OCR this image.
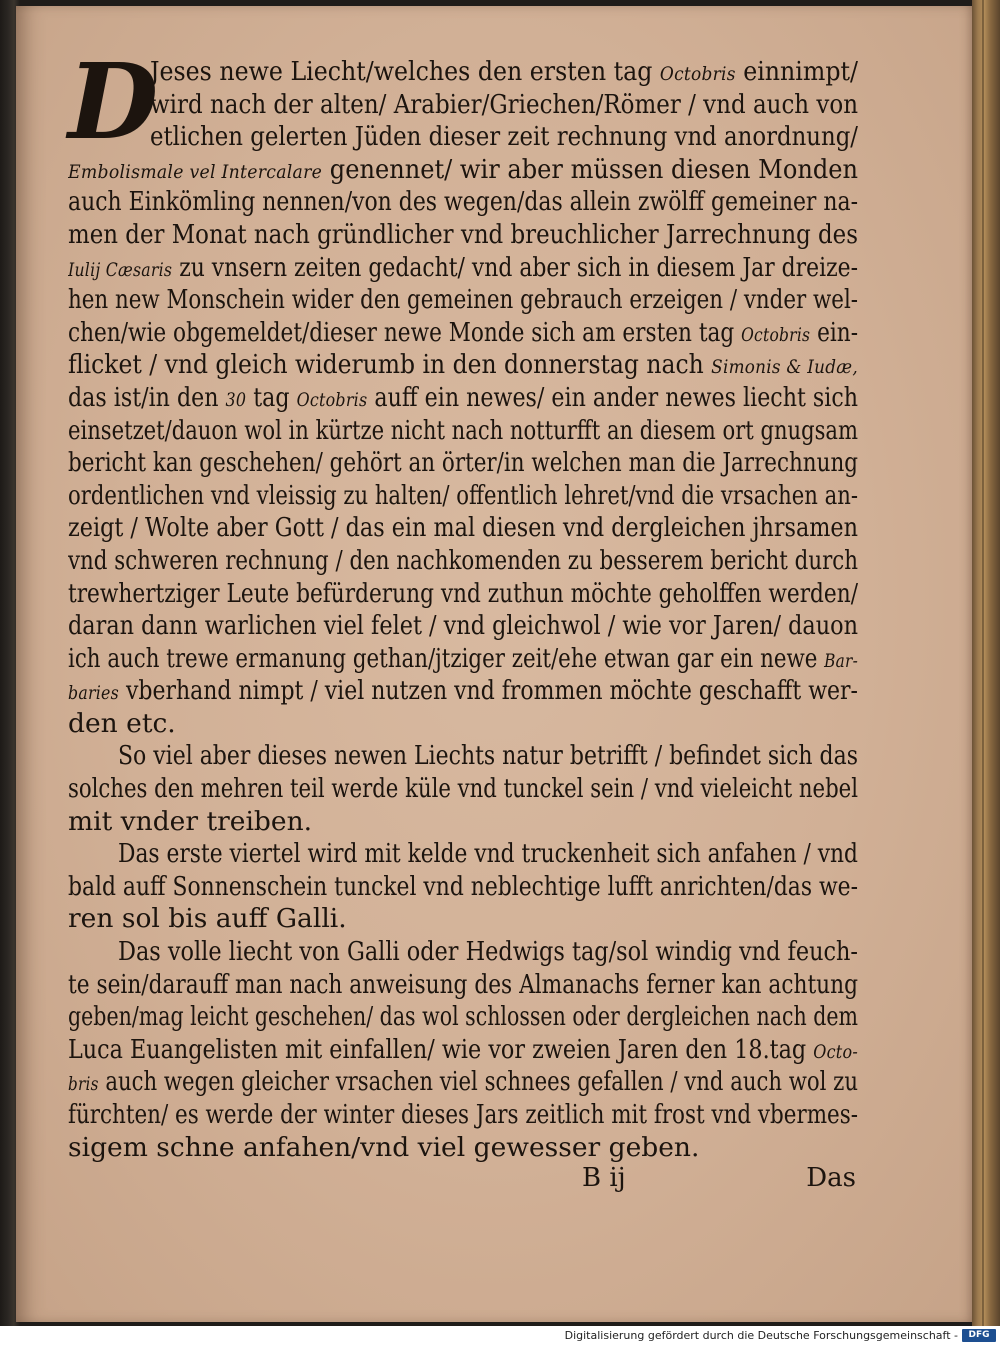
D
Jeses newe Liecht/welches den ersten tag Octobris einnimpt/
wird nach der alten/ Arabier/Griechen/Römer / vnd auch von
etlichen gelerten Jüden dieser zeit rechnung vnd anordnung/
Embolismale vel Intercalare genennet/ wir aber müssen diesen Monden
auch Einkömling nennen/von des wegen/das allein zwölff gemeiner na-
men der Monat nach gründlicher vnd breuchlicher Jarrechnung des
Iulij Cæsaris zu vnsern zeiten gedacht/ vnd aber sich in diesem Jar dreize-
hen new Monschein wider den gemeinen gebrauch erzeigen / vnder wel-
chen/wie obgemeldet/dieser newe Monde sich am ersten tag Octobris ein-
flicket / vnd gleich widerumb in den donnerstag nach Simonis & Iudæ,
das ist/in den 30 tag Octobris auff ein newes/ ein ander newes liecht sich
einsetzet/dauon wol in kürtze nicht nach notturfft an diesem ort gnugsam
bericht kan geschehen/ gehört an örter/in welchen man die Jarrechnung
ordentlichen vnd vleissig zu halten/ offentlich lehret/vnd die vrsachen an-
zeigt / Wolte aber Gott / das ein mal diesen vnd dergleichen jhrsamen
vnd schweren rechnung / den nachkomenden zu besserem bericht durch
trewhertziger Leute befürderung vnd zuthun möchte geholffen werden/
daran dann warlichen viel felet / vnd gleichwol / wie vor Jaren/ dauon
ich auch trewe ermanung gethan/jtziger zeit/ehe etwan gar ein newe Bar-
baries vberhand nimpt / viel nutzen vnd frommen möchte geschafft wer-
den etc.
So viel aber dieses newen Liechts natur betrifft / befindet sich das
solches den mehren teil werde küle vnd tunckel sein / vnd vieleicht nebel
mit vnder treiben.
Das erste viertel wird mit kelde vnd truckenheit sich anfahen / vnd
bald auff Sonnenschein tunckel vnd neblechtige lufft anrichten/das we-
ren sol bis auff Galli.
Das volle liecht von Galli oder Hedwigs tag/sol windig vnd feuch-
te sein/darauff man nach anweisung des Almanachs ferner kan achtung
geben/mag leicht geschehen/ das wol schlossen oder dergleichen nach dem
Luca Euangelisten mit einfallen/ wie vor zweien Jaren den 18.tag Octo-
bris auch wegen gleicher vrsachen viel schnees gefallen / vnd auch wol zu
fürchten/ es werde der winter dieses Jars zeitlich mit frost vnd vbermes-
sigem schne anfahen/vnd viel gewesser geben.
B ij	Das
Digitalisierung gefördert durch die Deutsche Forschungsgemeinschaft - DFG
